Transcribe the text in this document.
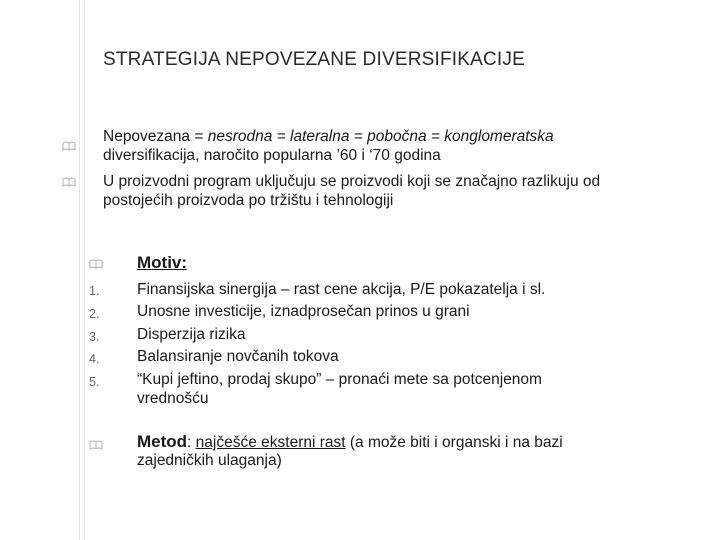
STRATEGIJA NEPOVEZANE DIVERSIFIKACIJE
Nepovezana = nesrodna = lateralna = pobočna = konglomeratska
diversifikacija, naročito popularna ’60 i ‘70 godina
U proizvodni program uključuju se proizvodi koji se značajno razlikuju od
postojećih proizvoda po tržištu i tehnologiji
Motiv:
1. Finansijska sinergija – rast cene akcija, P/E pokazatelja i sl.
2. Unosne investicije, iznadprosečan prinos u grani
3. Disperzija rizika
4. Balansiranje novčanih tokova
5. “Kupi jeftino, prodaj skupo” – pronaći mete sa potcenjenom
vrednošću
Metod: najčešće eksterni rast (a može biti i organski i na bazi
zajedničkih ulaganja)
